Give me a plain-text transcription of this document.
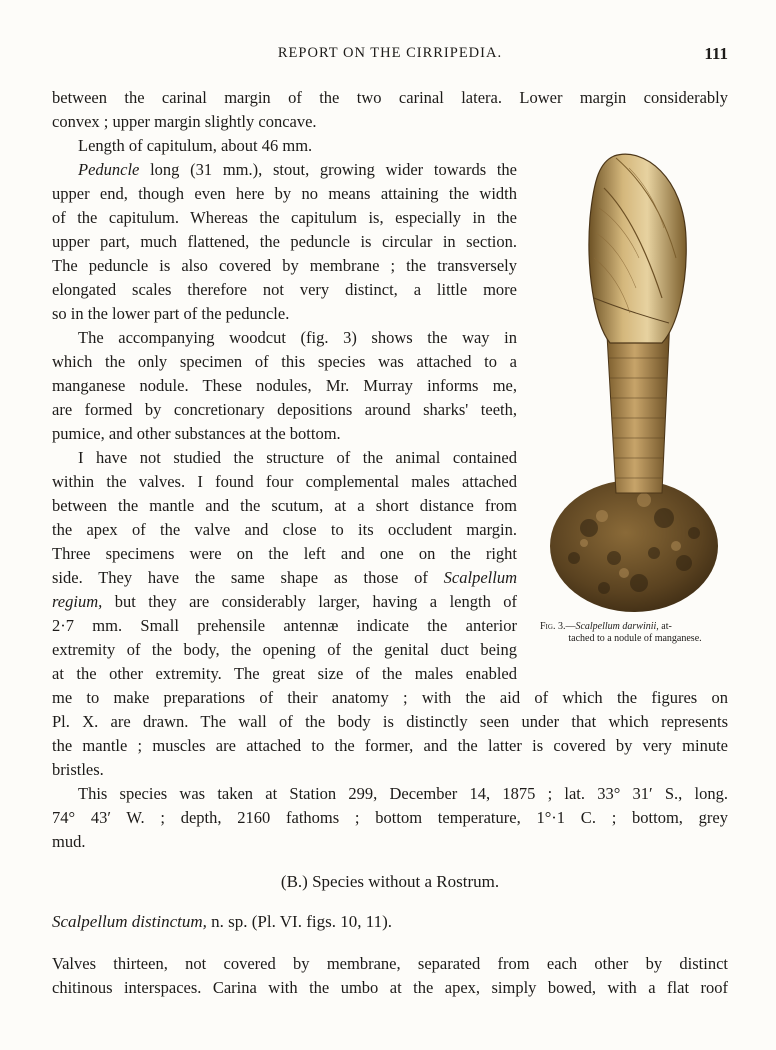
REPORT ON THE CIRRIPEDIA.	111
between the carinal margin of the two carinal latera. Lower margin considerably
convex ; upper margin slightly concave.
Length of capitulum, about 46 mm.
Peduncle long (31 mm.), stout, growing wider towards the
upper end, though even here by no means attaining the width
of the capitulum. Whereas the capitulum is, especially in the
upper part, much flattened, the peduncle is circular in section.
The peduncle is also covered by membrane ; the transversely
elongated scales therefore not very distinct, a little more
so in the lower part of the peduncle.
The accompanying woodcut (fig. 3) shows the way in
which the only specimen of this species was attached to a
manganese nodule. These nodules, Mr. Murray informs me,
are formed by concretionary depositions around sharks' teeth,
pumice, and other substances at the bottom.
I have not studied the structure of the animal contained
within the valves. I found four complemental males attached
between the mantle and the scutum, at a short distance from
the apex of the valve and close to its occludent margin.
Three specimens were on the left and one on the right
side. They have the same shape as those of Scalpellum
regium, but they are considerably larger, having a length of
2·7 mm. Small prehensile antennæ indicate the anterior
extremity of the body, the opening of the genital duct being
at the other extremity. The great size of the males enabled
me to make preparations of their anatomy ; with the aid of which the figures on
Pl. X. are drawn. The wall of the body is distinctly seen under that which represents
the mantle ; muscles are attached to the former, and the latter is covered by very minute
bristles.
This species was taken at Station 299, December 14, 1875 ; lat. 33° 31′ S., long.
74° 43′ W. ; depth, 2160 fathoms ; bottom temperature, 1°·1 C. ; bottom, grey
mud.
Fig. 3.—Scalpellum darwinii, at-
tached to a nodule of manganese.
(B.) Species without a Rostrum.
Scalpellum distinctum, n. sp. (Pl. VI. figs. 10, 11).
Valves thirteen, not covered by membrane, separated from each other by distinct
chitinous interspaces. Carina with the umbo at the apex, simply bowed, with a flat roof
